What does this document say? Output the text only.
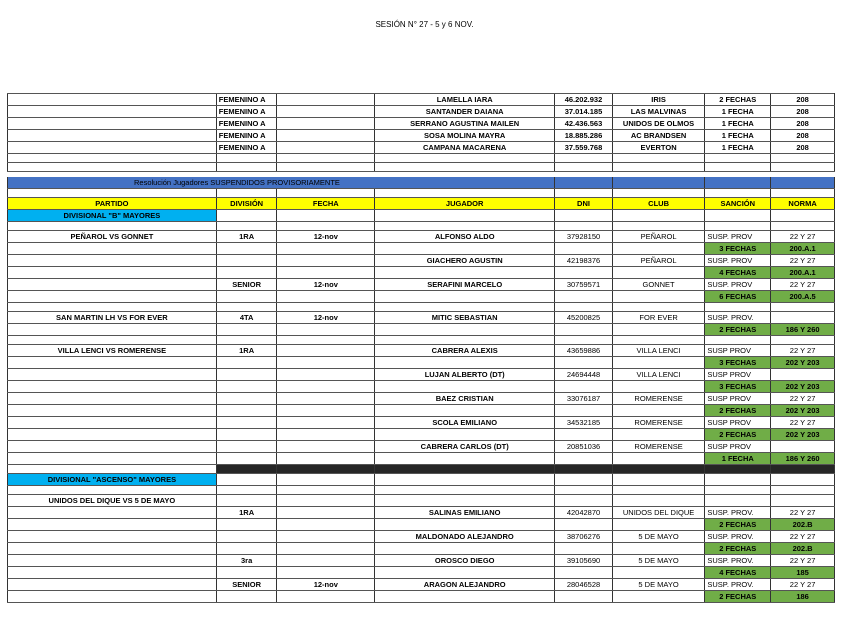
SESIÓN N° 27 - 5 y 6 NOV.
	FEMENINO A		LAMELLA IARA	46.202.932	IRIS	2 FECHAS	208
	FEMENINO A		SANTANDER DAIANA	37.014.185	LAS MALVINAS	1 FECHA	208
	FEMENINO A		SERRANO AGUSTINA MAILEN	42.436.563	UNIDOS DE OLMOS	1 FECHA	208
	FEMENINO A		SOSA MOLINA MAYRA	18.885.286	AC BRANDSEN	1 FECHA	208
	FEMENINO A		CAMPANA MACARENA	37.559.768	EVERTON	1 FECHA	208

Resolución Jugadores SUSPENDIDOS PROVISORIAMENTE							

PARTIDO	DIVISIÓN	FECHA	JUGADOR	DNI	CLUB	SANCIÓN	NORMA
DIVISIONAL "B" MAYORES							

PEÑAROL VS GONNET	1RA	12-nov	ALFONSO ALDO	37928150	PEÑAROL	SUSP. PROV	22 Y 27
						3 FECHAS	200.A.1
			GIACHERO AGUSTIN	42198376	PEÑAROL	SUSP. PROV	22 Y 27
						4 FECHAS	200.A.1
	SENIOR	12-nov	SERAFINI MARCELO	30759571	GONNET	SUSP. PROV	22 Y 27
						6 FECHAS	200.A.5

SAN MARTIN LH VS FOR EVER	4TA	12-nov	MITIC SEBASTIAN	45200825	FOR EVER	SUSP. PROV.	
						2 FECHAS	186 Y 260

VILLA LENCI VS ROMERENSE	1RA		CABRERA ALEXIS	43659886	VILLA LENCI	SUSP PROV	22 Y 27
						3 FECHAS	202 Y 203
			LUJAN ALBERTO (DT)	24694448	VILLA LENCI	SUSP PROV	
						3 FECHAS	202 Y 203
			BAEZ CRISTIAN	33076187	ROMERENSE	SUSP PROV	22 Y 27
						2 FECHAS	202 Y 203
			SCOLA EMILIANO	34532185	ROMERENSE	SUSP PROV	22 Y 27
						2 FECHAS	202 Y 203
			CABRERA CARLOS (DT)	20851036	ROMERENSE	SUSP PROV	
						1 FECHA	186 Y 260

DIVISIONAL "ASCENSO" MAYORES							

UNIDOS DEL DIQUE VS 5 DE MAYO							
	1RA		SALINAS EMILIANO	42042870	UNIDOS DEL DIQUE	SUSP. PROV.	22 Y 27
						2 FECHAS	202.B
			MALDONADO ALEJANDRO	38706276	5 DE MAYO	SUSP. PROV.	22 Y 27
						2 FECHAS	202.B
	3ra		OROSCO DIEGO	39105690	5 DE MAYO	SUSP. PROV.	22 Y 27
						4 FECHAS	185
	SENIOR	12-nov	ARAGON ALEJANDRO	28046528	5 DE MAYO	SUSP. PROV.	22 Y 27
						2 FECHAS	186
